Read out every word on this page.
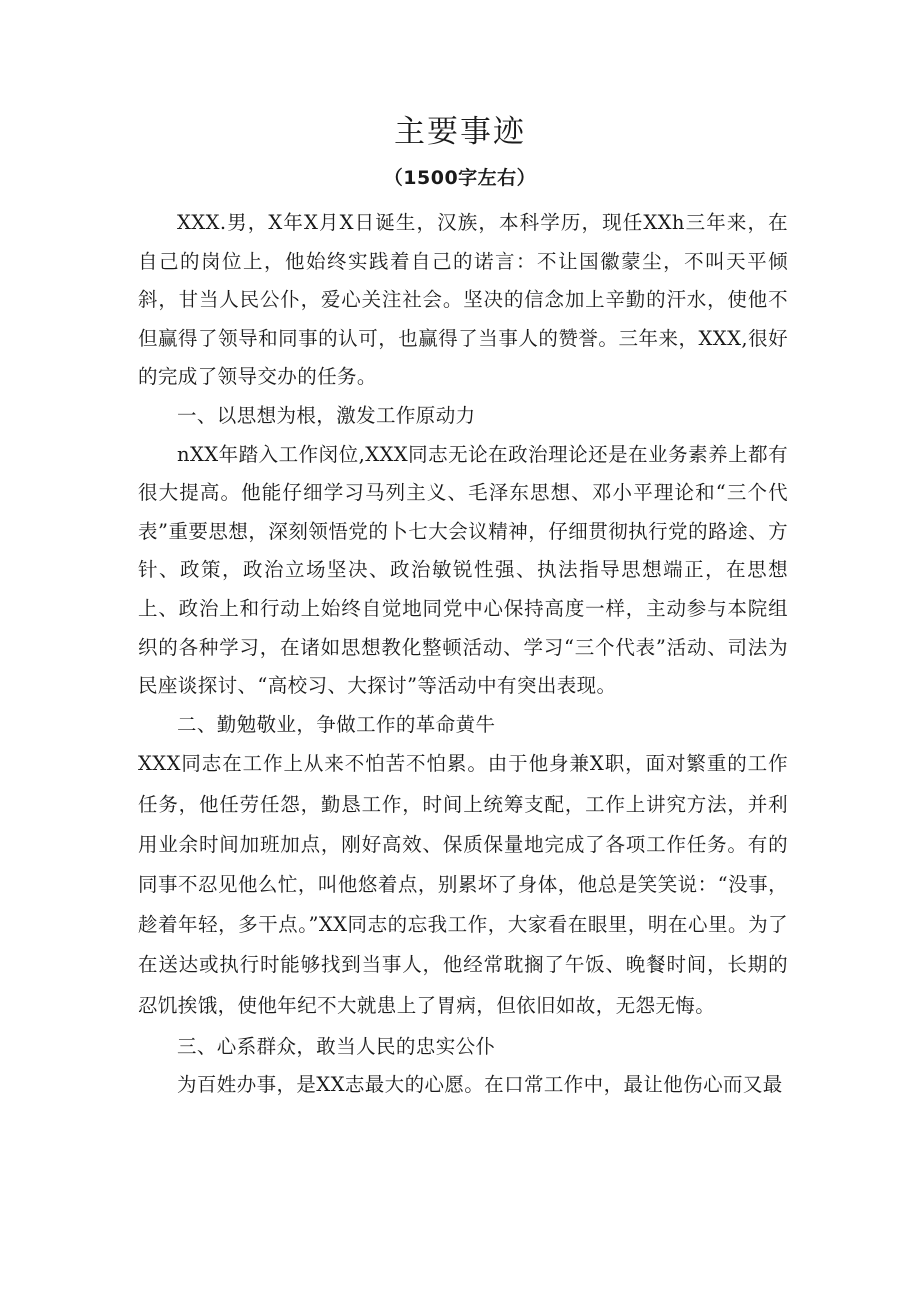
主要事迹
（1500字左右）

XXX.男，X年X月X日诞生，汉族，本科学历，现任XXh三年来，在自己的岗位上，他始终实践着自己的诺言：不让国徽蒙尘，不叫天平倾斜，甘当人民公仆，爱心关注社会。坚决的信念加上辛勤的汗水，使他不但赢得了领导和同事的认可，也赢得了当事人的赞誉。三年来，XXX,很好的完成了领导交办的任务。

一、以思想为根，激发工作原动力

nXX年踏入工作闵位,XXX同志无论在政治理论还是在业务素养上都有很大提高。他能仔细学习马列主义、毛泽东思想、邓小平理论和“三个代表”重要思想，深刻领悟党的卜七大会议精神，仔细贯彻执行党的路途、方针、政策，政治立场坚决、政治敏锐性强、执法指导思想端正，在思想上、政治上和行动上始终自觉地同党中心保持高度一样，主动参与本院组织的各种学习，在诸如思想教化整顿活动、学习“三个代表”活动、司法为民座谈探讨、“高校习、大探讨”等活动中有突出表现。

二、勤勉敬业，争做工作的革命黄牛

XXX同志在工作上从来不怕苦不怕累。由于他身兼X职，面对繁重的工作任务，他任劳任怨，勤恳工作，时间上统筹支配，工作上讲究方法，并利用业余时间加班加点，刚好高效、保质保量地完成了各项工作任务。有的同事不忍见他么忙，叫他悠着点，别累坏了身体，他总是笑笑说：“没事，趁着年轻，多干点。”XX同志的忘我工作，大家看在眼里，明在心里。为了在送达或执行时能够找到当事人，他经常耽搁了午饭、晚餐时间，长期的忍饥挨饿，使他年纪不大就患上了胃病，但依旧如故，无怨无悔。

三、心系群众，敢当人民的忠实公仆

为百姓办事，是XX志最大的心愿。在口常工作中，最让他伤心而又最
